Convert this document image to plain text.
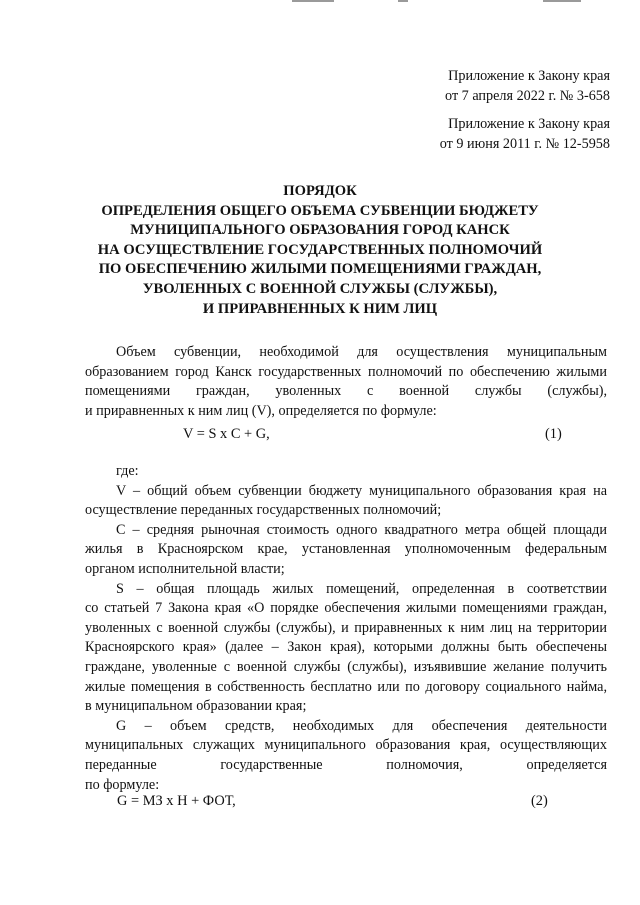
Приложение к Закону края
от 7 апреля 2022 г. № 3-658
Приложение к Закону края
от 9 июня 2011 г. № 12-5958
ПОРЯДОК
ОПРЕДЕЛЕНИЯ ОБЩЕГО ОБЪЕМА СУБВЕНЦИИ БЮДЖЕТУ
МУНИЦИПАЛЬНОГО ОБРАЗОВАНИЯ ГОРОД КАНСК
НА ОСУЩЕСТВЛЕНИЕ ГОСУДАРСТВЕННЫХ ПОЛНОМОЧИЙ
ПО ОБЕСПЕЧЕНИЮ ЖИЛЫМИ ПОМЕЩЕНИЯМИ ГРАЖДАН,
УВОЛЕННЫХ С ВОЕННОЙ СЛУЖБЫ (СЛУЖБЫ),
И ПРИРАВНЕННЫХ К НИМ ЛИЦ
Объем субвенции, необходимой для осуществления муниципальным
образованием город Канск государственных полномочий по обеспечению жилыми
помещениями граждан, уволенных с военной службы (службы),
и приравненных к ним лиц (V), определяется по формуле:
V = S x C + G,	(1)
где:
V – общий объем субвенции бюджету муниципального образования края на
осуществление переданных государственных полномочий;
C – средняя рыночная стоимость одного квадратного метра общей площади
жилья в Красноярском крае, установленная уполномоченным федеральным
органом исполнительной власти;
S – общая площадь жилых помещений, определенная в соответствии
со статьей 7 Закона края «О порядке обеспечения жилыми помещениями граждан,
уволенных с военной службы (службы), и приравненных к ним лиц на территории
Красноярского края» (далее – Закон края), которыми должны быть обеспечены
граждане, уволенные с военной службы (службы), изъявившие желание получить
жилые помещения в собственность бесплатно или по договору социального найма,
в муниципальном образовании края;
G – объем средств, необходимых для обеспечения деятельности
муниципальных служащих муниципального образования края, осуществляющих
переданные государственные полномочия, определяется
по формуле:
G = МЗ x Н + ФОТ,	(2)
